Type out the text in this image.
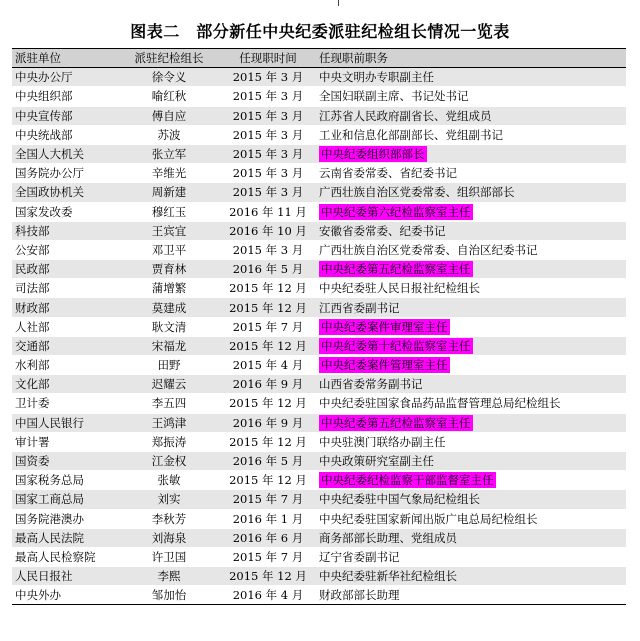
图表二　部分新任中央纪委派驻纪检组长情况一览表
派驻单位	派驻纪检组长	任现职时间	任现职前职务
中央办公厅	徐令义	2015 年 3 月	中央文明办专职副主任
中央组织部	喻红秋	2015 年 3 月	全国妇联副主席、书记处书记
中央宣传部	傅自应	2015 年 3 月	江苏省人民政府副省长、党组成员
中央统战部	苏波	2015 年 3 月	工业和信息化部副部长、党组副书记
全国人大机关	张立军	2015 年 3 月	中央纪委组织部部长
国务院办公厅	辛维光	2015 年 3 月	云南省委常委、省纪委书记
全国政协机关	周新建	2015 年 3 月	广西壮族自治区党委常委、组织部部长
国家发改委	穆红玉	2016 年 11 月	中央纪委第六纪检监察室主任
科技部	王宾宜	2016 年 10 月	安徽省委常委、纪委书记
公安部	邓卫平	2015 年 3 月	广西壮族自治区党委常委、自治区纪委书记
民政部	贾育林	2016 年 5 月	中央纪委第五纪检监察室主任
司法部	蒲增繁	2015 年 12 月	中央纪委驻人民日报社纪检组长
财政部	莫建成	2015 年 12 月	江西省委副书记
人社部	耿文清	2015 年 7 月	中央纪委案件审理室主任
交通部	宋福龙	2015 年 12 月	中央纪委第十纪检监察室主任
水利部	田野	2015 年 4 月	中央纪委案件管理室主任
文化部	迟耀云	2016 年 9 月	山西省委常务副书记
卫计委	李五四	2015 年 12 月	中央纪委驻国家食品药品监督管理总局纪检组长
中国人民银行	王鸿津	2016 年 9 月	中央纪委第五纪检监察室主任
审计署	郑振涛	2015 年 12 月	中央驻澳门联络办副主任
国资委	江金权	2016 年 5 月	中央政策研究室副主任
国家税务总局	张敏	2015 年 12 月	中央纪委纪检监察干部监督室主任
国家工商总局	刘实	2015 年 7 月	中央纪委驻中国气象局纪检组长
国务院港澳办	李秋芳	2016 年 1 月	中央纪委驻国家新闻出版广电总局纪检组长
最高人民法院	刘海泉	2016 年 6 月	商务部部长助理、党组成员
最高人民检察院	许卫国	2015 年 7 月	辽宁省委副书记
人民日报社	李熙	2015 年 12 月	中央纪委驻新华社纪检组长
中央外办	邹加怡	2016 年 4 月	财政部部长助理
